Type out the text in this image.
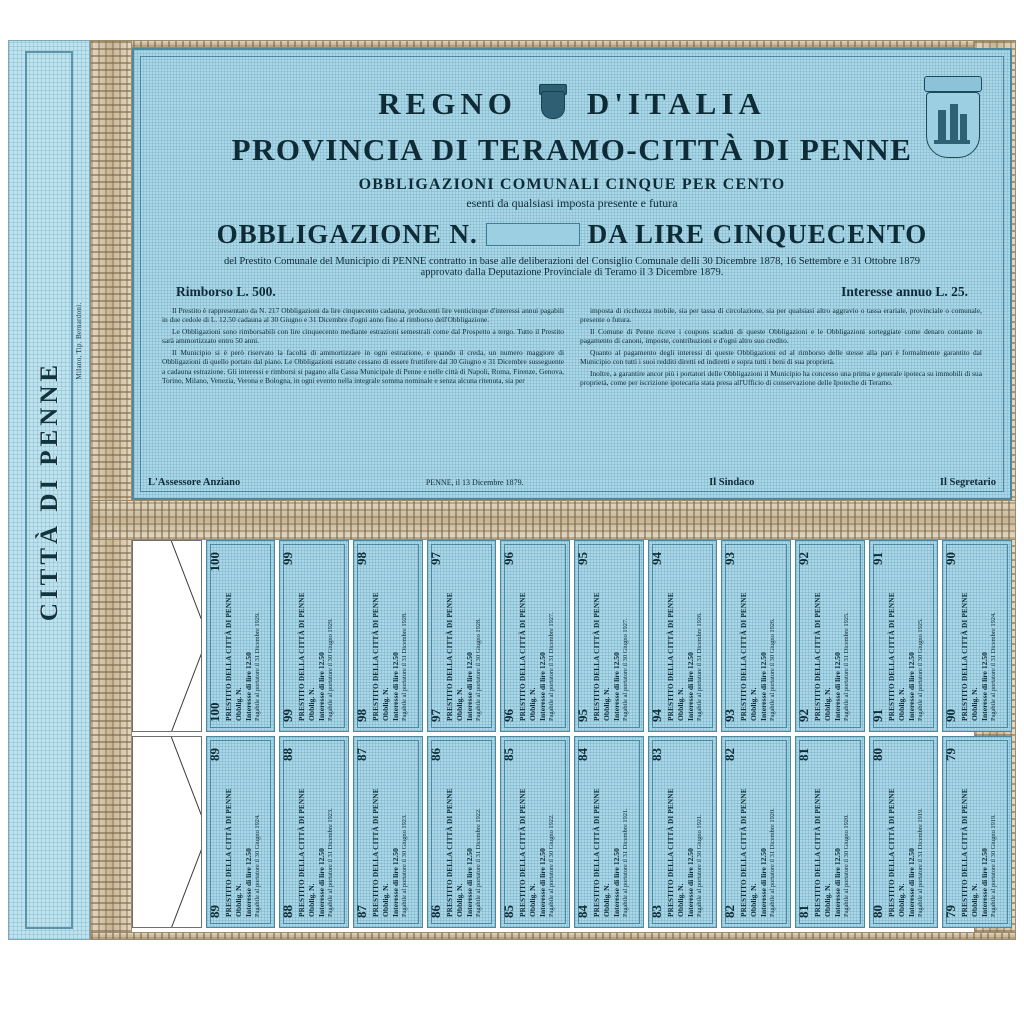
CITTÀ DI PENNE
Milano, Tip. Bernardoni.
REGNO D'ITALIA
PROVINCIA DI TERAMO-CITTÀ DI PENNE
OBBLIGAZIONI COMUNALI CINQUE PER CENTO
esenti da qualsiasi imposta presente e futura
OBBLIGAZIONE N.	DA LIRE CINQUECENTO
del Prestito Comunale del Municipio di PENNE contratto in base alle deliberazioni del Consiglio Comunale delli 30 Dicembre 1878, 16 Settembre e 31 Ottobre 1879
approvato dalla Deputazione Provinciale di Teramo il 3 Dicembre 1879.
Rimborso L. 500.	Interesse annuo L. 25.

Il Prestito è rappresentato da N. 217 Obbligazioni da lire cinquecento cadauna, producenti lire venticinque d'interessi annui pagabili in due cedole di L. 12.50 cadauna al 30 Giugno e 31 Dicembre d'ogni anno fino al rimborso dell'Obbligazione.

Le Obbligazioni sono rimborsabili con lire cinquecento mediante estrazioni semestrali come dal Prospetto a tergo. Tutto il Prestito sarà ammortizzato entro 50 anni.

Il Municipio si è però riservato la facoltà di ammortizzare in ogni estrazione, e quando il creda, un numero maggiore di Obbligazioni di quello portato dal piano. Le Obbligazioni estratte cessano di essere fruttifere dal 30 Giugno e 31 Dicembre susseguente a cadauna estrazione. Gli interessi e rimborsi si pagano alla Cassa Municipale di Penne e nelle città di Napoli, Roma, Firenze, Genova, Torino, Milano, Venezia, Verona e Bologna, in ogni evento nella integrale somma nominale e senza alcuna ritenuta, sia per

imposta di ricchezza mobile, sia per tassa di circolazione, sia per qualsiasi altro aggravio o tassa erariale, provinciale o comunale, presente o futura.

Il Comune di Penne riceve i coupons scaduti di queste Obbligazioni e le Obbligazioni sorteggiate come denaro contante in pagamento di canoni, imposte, contribuzioni e d'ogni altro suo credito.

Quanto al pagamento degli interessi di queste Obbligazioni ed al rimborso delle stesse alla pari è formalmente garantito dal Municipio con tutti i suoi redditi diretti ed indiretti e sopra tutti i beni di sua proprietà.

Inoltre, a garantire ancor più i portatori delle Obbligazioni il Municipio ha concesso una prima e generale ipoteca su immobili di sua proprietà, come per iscrizione ipotecaria stata presa all'Ufficio di conservazione delle Ipoteche di Teramo.

L'Assessore Anziano	PENNE, il 13 Dicembre 1879.	Il Sindaco	Il Segretario
100
100
PRESTITO DELLA CITTÀ DI PENNE Obblig. N. Interesse di lire 12.50 Pagabile al portatore il 31 Dicembre 1929. 99
99
PRESTITO DELLA CITTÀ DI PENNE Obblig. N. Interesse di lire 12.50 Pagabile al portatore il 30 Giugno 1929. 98
98
PRESTITO DELLA CITTÀ DI PENNE Obblig. N. Interesse di lire 12.50 Pagabile al portatore il 31 Dicembre 1928. 97
97
PRESTITO DELLA CITTÀ DI PENNE Obblig. N. Interesse di lire 12.50 Pagabile al portatore il 30 Giugno 1928. 96
96
PRESTITO DELLA CITTÀ DI PENNE Obblig. N. Interesse di lire 12.50 Pagabile al portatore il 31 Dicembre 1927. 95
95
PRESTITO DELLA CITTÀ DI PENNE Obblig. N. Interesse di lire 12.50 Pagabile al portatore il 30 Giugno 1927. 94
94
PRESTITO DELLA CITTÀ DI PENNE Obblig. N. Interesse di lire 12.50 Pagabile al portatore il 31 Dicembre 1926. 93
93
PRESTITO DELLA CITTÀ DI PENNE Obblig. N. Interesse di lire 12.50 Pagabile al portatore il 30 Giugno 1926. 92
92
PRESTITO DELLA CITTÀ DI PENNE Obblig. N. Interesse di lire 12.50 Pagabile al portatore il 31 Dicembre 1925. 91
91
PRESTITO DELLA CITTÀ DI PENNE Obblig. N. Interesse di lire 12.50 Pagabile al portatore il 30 Giugno 1925. 90
90
PRESTITO DELLA CITTÀ DI PENNE Obblig. N. Interesse di lire 12.50 Pagabile al portatore il 31 Dicembre 1924.
89
89
PRESTITO DELLA CITTÀ DI PENNE Obblig. N. Interesse di lire 12.50 Pagabile al portatore il 30 Giugno 1924. 88
88
PRESTITO DELLA CITTÀ DI PENNE Obblig. N. Interesse di lire 12.50 Pagabile al portatore il 31 Dicembre 1923. 87
87
PRESTITO DELLA CITTÀ DI PENNE Obblig. N. Interesse di lire 12.50 Pagabile al portatore il 30 Giugno 1923. 86
86
PRESTITO DELLA CITTÀ DI PENNE Obblig. N. Interesse di lire 12.50 Pagabile al portatore il 31 Dicembre 1922. 85
85
PRESTITO DELLA CITTÀ DI PENNE Obblig. N. Interesse di lire 12.50 Pagabile al portatore il 30 Giugno 1922. 84
84
PRESTITO DELLA CITTÀ DI PENNE Obblig. N. Interesse di lire 12.50 Pagabile al portatore il 31 Dicembre 1921. 83
83
PRESTITO DELLA CITTÀ DI PENNE Obblig. N. Interesse di lire 12.50 Pagabile al portatore il 30 Giugno 1921. 82
82
PRESTITO DELLA CITTÀ DI PENNE Obblig. N. Interesse di lire 12.50 Pagabile al portatore il 31 Dicembre 1920. 81
81
PRESTITO DELLA CITTÀ DI PENNE Obblig. N. Interesse di lire 12.50 Pagabile al portatore il 30 Giugno 1920. 80
80
PRESTITO DELLA CITTÀ DI PENNE Obblig. N. Interesse di lire 12.50 Pagabile al portatore il 31 Dicembre 1919. 79
79
PRESTITO DELLA CITTÀ DI PENNE Obblig. N. Interesse di lire 12.50 Pagabile al portatore il 30 Giugno 1919.
